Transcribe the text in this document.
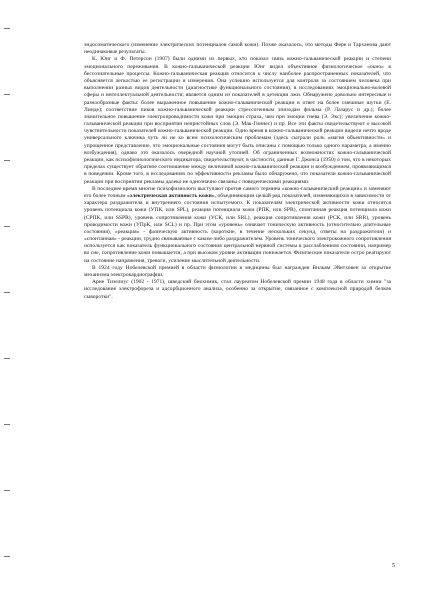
эндосоматического (изменение электрических потенциалов самой кожи). Позже оказалось, что методы Фере и Тарханова дают неодинаковые результаты.

К. Юнг и Ф. Петерсон (1907) были одними из первых, кто показал связь кожно-гальванической реакции и степени эмоционального переживания. В кожно-гальванической реакции Юнг видел объективное физиологическое «окно» в бессознательные процессы. Кожно-гальваническая реакция относится к числу наиболее распространенных показателей, что объясняется легкостью ее регистрации и измерения. Она успешно используется для контроля за состоянием человека при выполнении разных видов деятельности (диагностике функционального состояния), в исследованиях эмоционально-волевой сферы и интеллектуальной деятельности; является одним из показателей в детекции лжи. Обнаружено довольно интересные и разнообразные факты: более выраженное повышение кожно-гальванической реакции в ответ на более смешные шутки (Е. Линде); соответствие пиков кожно-гальванической реакции стрессогенным эпизодам фильма (Р. Лазарус и др.); более значительное повышение электропроводимости кожи при эмоции страха, чем при эмоции гнева (Э. Экс); увеличение кожно-гальванической реакции при восприятии непристойных слов (Э. Мак-Гиннес) и пр. Все эти факты свидетельствуют о высокой чувствительности показателей кожно-гальванической реакции. Одно время в кожно-гальванической реакции видели нечто вроде универсального ключика чуть ли не ко всем психологическим проблемам (здесь сыграли роль «магия объективности» и упрощенное представление, что эмоциональные состояния могут быть описаны с помощью только одного параметра, а именно возбуждения), однако это оказалось очередной научной утопией. Об ограниченных возможностях кожно-гальванической реакции, как психофизиологического индикатора, свидетельствуют, в частности, данные Г. Джонса (1950) о том, что в некоторых пределах существует обратное соотношение между величиной кожно-гальванической реакции и возбуждением, проявляющимся в поведении. Кроме того, в исследованиях по эффективности рекламы было обнаружено, что показатели кожно-гальванической реакции при восприятии рекламы далеко не однозначно связаны с поведенческими реакциями.

В последнее время многие психофизиологи выступают против самого термина «кожно-гальванический реакции» и заменяют его более точным «электрическая активность кожи», объединяющим целый ряд показателей, изменяющихся в зависимости от характера раздражителя и внутреннего состояния испытуемого. К показателям электрической активности кожи относятся уровень потенциала кожи (УПК, или SPL), реакция потенциала кожи (РПК, или SPR), спонтанная реакция потенциала кожи (СРПК, или SSPR), уровень сопротивления кожи (УСК, или SRL), реакция сопротивления кожи (РСК, или SRR), уровень проводимости кожи (УПрК, или SCL) и пр. При этом «уровень» означает тоническую активность (относительно длительные состояния), «реакция» - фазическую активность (короткие, в течение нескольких секунд, ответы на раздражители) и «спонтанная» - реакции, трудно связываемые с каким-либо раздражителем. Уровень тонического электрокожного сопротивления используется как показатель функционального состояния центральной нервной системы в расслабленном состоянии, например во сне, сопротивление кожи повышается, а при высоком уровне активации понижается. Физические показатели остро реагируют на состояние напряжения, тревоги, усиление мыслительной деятельности.

В 1924 году Нобелевской премией в области физиологии и медицины был награжден Вильям Эйнтховен за открытие механизма электрокардиографии.

Арне Тизелиус (1902 - 1971), шведский биохимик, стал лауреатом Нобелевской премии 1948 года в области химии "за исследование электрофореза и адсорбционного анализа, особенно за открытие, связанное с комплексной природой белков сыворотки".

5
